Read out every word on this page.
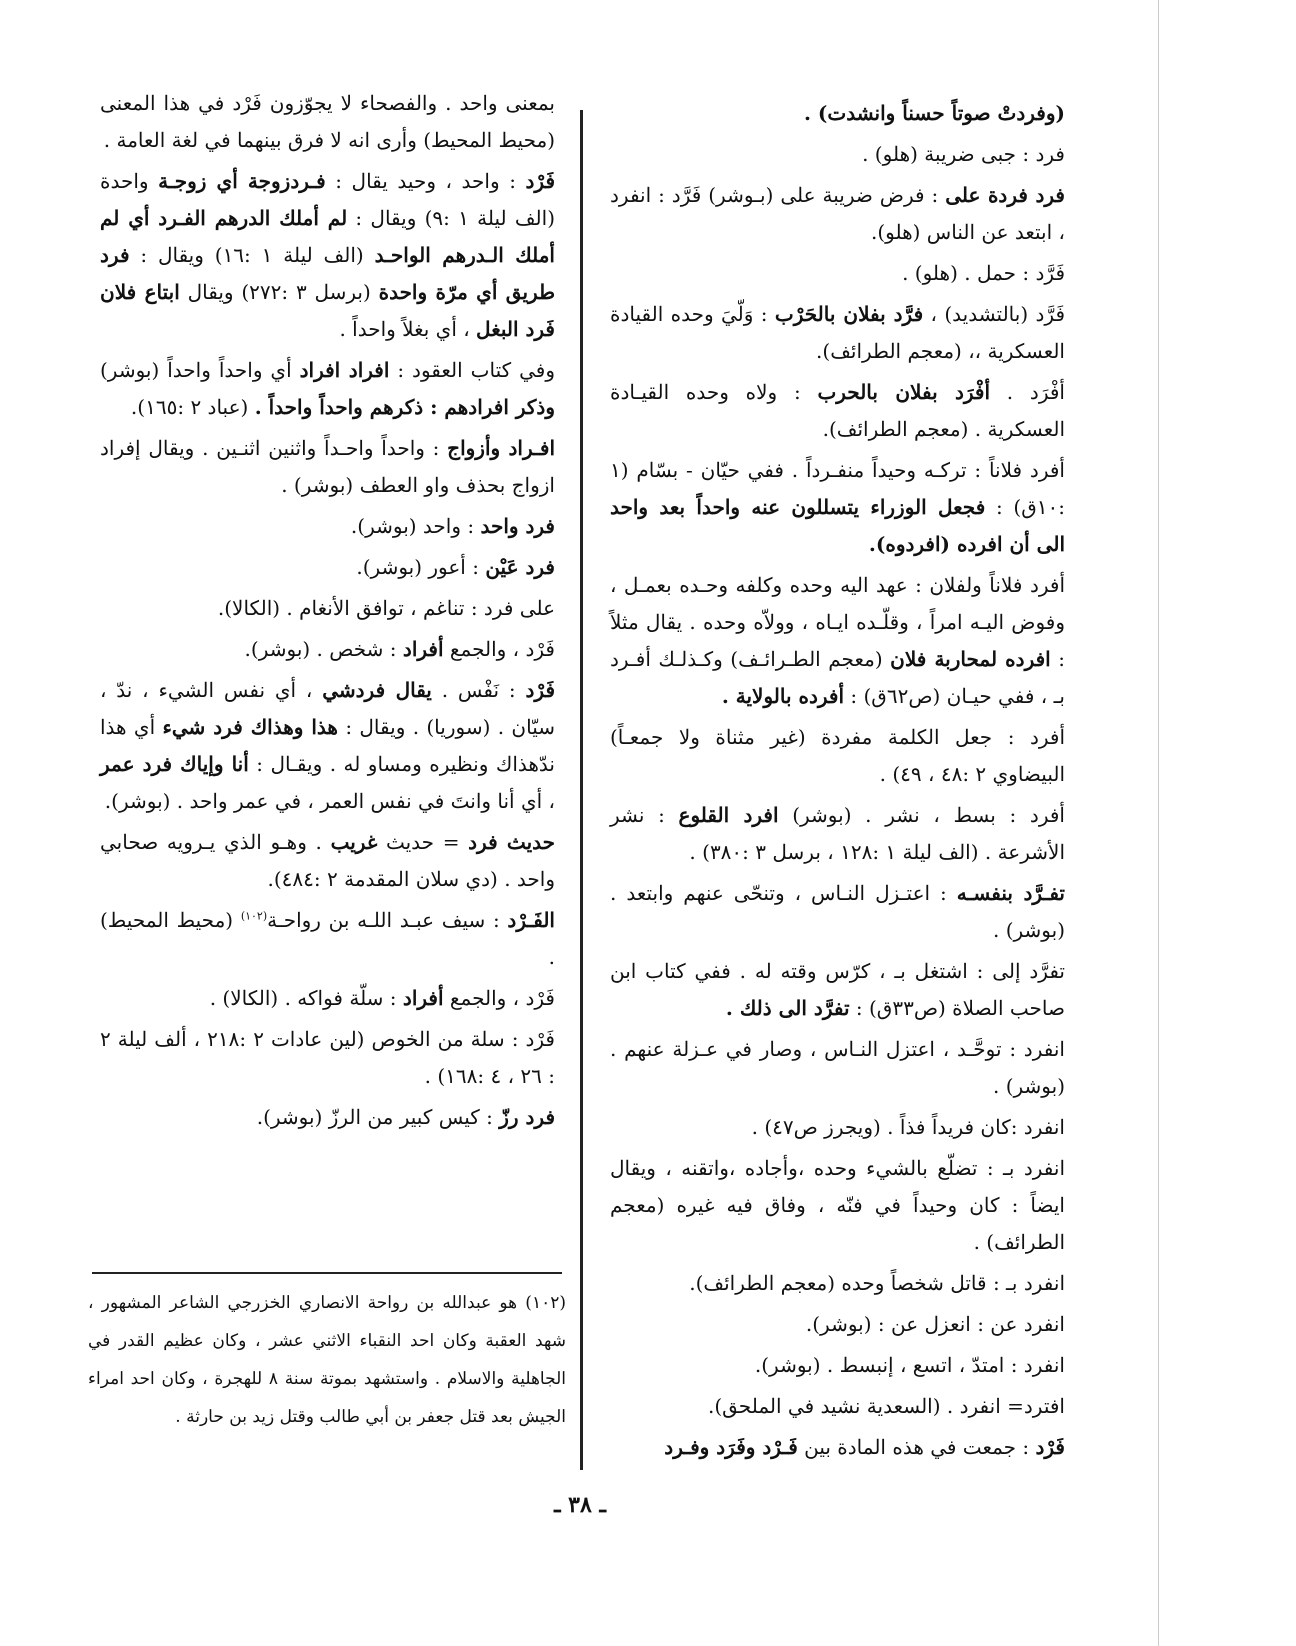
(وفردتْ صوتاً حسناً وانشدت) .

فرد : جبى ضريبة (هلو) .

فرد فردة على : فرض ضريبة على (بـوشر) فَرَّد : انفرد ، ابتعد عن الناس (هلو).

فَرَّد : حمل . (هلو) .

فَرَّد (بالتشديد) ، فرَّد بفلان بالحَرْب : وَلّيَ وحده القيادة العسكرية ،، (معجم الطرائف).

أفْرَد . أفْرَد بفلان بالحرب : ولاه وحده القيـادة العسكرية . (معجم الطرائف).

أفرد فلاناً : تركـه وحيداً منفـرداً . ففي حيّان - بسّام (١ :١٠ق) : فجعل الوزراء يتسللون عنه واحداً بعد واحد الى أن افرده (افردوه).

أفرد فلاناً ولفلان : عهد اليه وحده وكلفه وحـده بعمـل ، وفوض اليـه امراً ، وقلّـده ايـاه ، وولاّه وحده . يقال مثلاً : افرده لمحاربة فلان (معجم الطـرائـف) وكـذلـك أفـرد بـ ، ففي حيـان (ص٦٢ق) : أفرده بالولاية .

أفرد : جعل الكلمة مفردة (غير مثناة ولا جمعـاً) البيضاوي ٢ :٤٨ ، ٤٩) .

أفرد : بسط ، نشر . (بوشر) افرد القلوع : نشر الأشرعة . (الف ليلة ١ :١٢٨ ، برسل ٣ :٣٨٠) .

تفـرَّد بنفسـه : اعتـزل النـاس ، وتنحّى عنهم وابتعد . (بوشر) .

تفرَّد إلى : اشتغل بـ ، كرّس وقته له . ففي كتاب ابن صاحب الصلاة (ص٣٣ق) : تفرَّد الى ذلك .

انفرد : توحَّـد ، اعتزل النـاس ، وصار في عـزلة عنهم . (بوشر) .

انفرد :كان فريداً فذاً . (ويجرز ص٤٧) .

انفرد بـ : تضلّع بالشيء وحده ،وأجاده ،واتقنه ، ويقال ايضاً : كان وحيداً في فنّه ، وفاق فيه غيره (معجم الطرائف) .

انفرد بـ : قاتل شخصاً وحده (معجم الطرائف).

انفرد عن : انعزل عن : (بوشر).

انفرد : امتدّ ، اتسع ، إنبسط . (بوشر).

افترد= انفرد . (السعدية نشيد في الملحق).

فَرْد : جمعت في هذه المادة بين فَـرْد وفَرَد وفـرد

بمعنى واحد . والفصحاء لا يجوّزون فَرْد في هذا المعنى (محيط المحيط) وأرى انه لا فرق بينهما في لغة العامة .

فَرْد : واحد ، وحيد يقال : فـردزوجة أي زوجـة واحدة (الف ليلة ١ :٩) ويقال : لم أملك الدرهم الفـرد أي لم أملك الـدرهم الواحـد (الف ليلة ١ :١٦) ويقال : فرد طريق أي مرّة واحدة (برسل ٣ :٢٧٢) ويقال ابتاع فلان فَرد البغل ، أي بغلاً واحداً .

وفي كتاب العقود : افراد افراد أي واحداً واحداً (بوشر) وذكر افرادهم : ذكرهم واحداً واحداً . (عباد ٢ :١٦٥).

افـراد وأزواج : واحداً واحـداً واثنين اثنـين . ويقال إفراد ازواج بحذف واو العطف (بوشر) .

فرد واحد : واحد (بوشر).

فرد عَيْن : أعور (بوشر).

على فرد : تناغم ، توافق الأنغام . (الكالا).

فَرْد ، والجمع أفراد : شخص . (بوشر).

فَرْد : نَفْس . يقال فردشي ، أي نفس الشيء ، ندّ ، سيّان . (سوريا) . ويقال : هذا وهذاك فرد شيء أي هذا ندّهذاك ونظيره ومساو له . ويقـال : أنا وإياك فرد عمر ، أي أنا وانتَ في نفس العمر ، في عمر واحد . (بوشر).

حديث فرد = حديث غريب . وهـو الذي يـرويه صحابي واحد . (دي سلان المقدمة ٢ :٤٨٤).

الفَـرْد : سيف عبـد اللـه بن رواحـة$^{(١٠٢)}$ (محيط المحيط) .

فَرْد ، والجمع أفراد : سلّة فواكه . (الكالا) .

فَرْد : سلة من الخوص (لين عادات ٢ :٢١٨ ، ألف ليلة ٢ : ٢٦ ، ٤ :١٦٨) .

فرد رزّ : كيس كبير من الرزّ (بوشر).

(١٠٢) هو عبدالله بن رواحة الانصاري الخزرجي الشاعر المشهور ، شهد العقبة وكان احد النقباء الاثني عشر ، وكان عظيم القدر في الجاهلية والاسلام . واستشهد بموتة سنة ٨ للهجرة ، وكان احد امراء الجيش بعد قتل جعفر بن أبي طالب وقتل زيد بن حارثة .
ـ ٣٨ ـ
